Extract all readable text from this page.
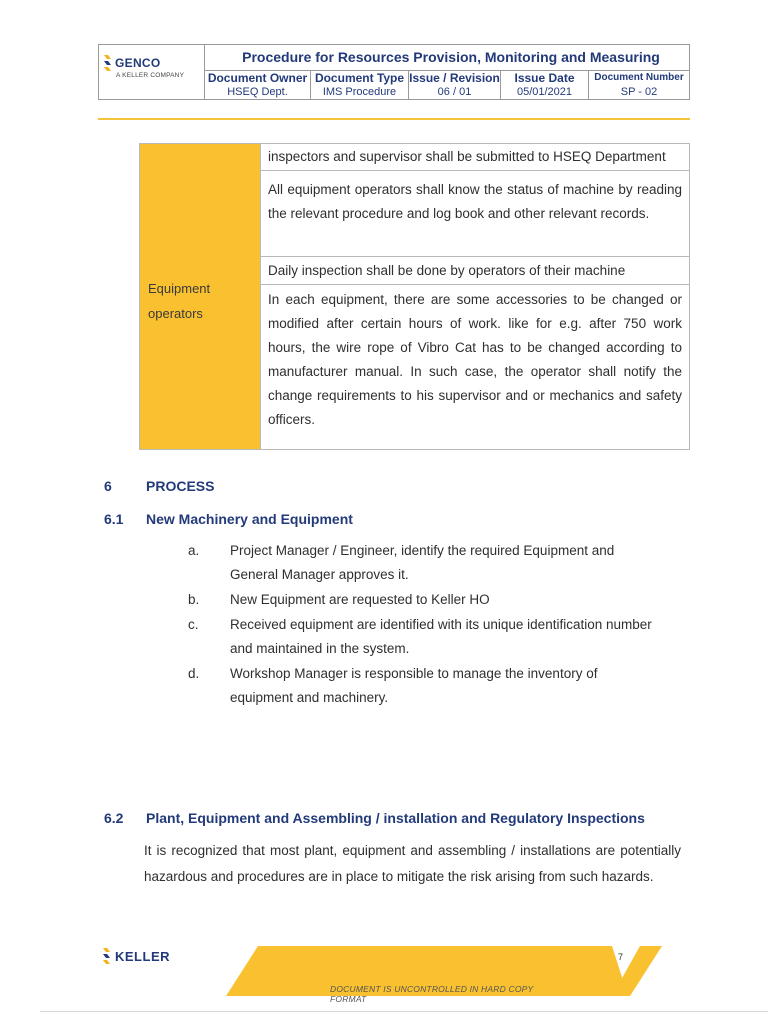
GENCO
A KELLER COMPANY
Procedure for Resources Provision, Monitoring and Measuring
Document Owner
HSEQ Dept.
Document Type
IMS Procedure
Issue / Revision
06 / 01
Issue Date
05/01/2021
Document Number
SP - 02
Equipment
operators

inspectors and supervisor shall be submitted to HSEQ Department

All equipment operators shall know the status of machine by reading the relevant procedure and log book and other relevant records.

Daily inspection shall be done by operators of their machine

In each equipment, there are some accessories to be changed or modified after certain hours of work. like for e.g. after 750 work hours, the wire rope of Vibro Cat has to be changed according to manufacturer manual. In such case, the operator shall notify the change requirements to his supervisor and or mechanics and safety officers.

6 PROCESS
6.1 New Machinery and Equipment
a. Project Manager / Engineer, identify the required Equipment and
General Manager approves it.
b. New Equipment are requested to Keller HO
c. Received equipment are identified with its unique identification number
and maintained in the system.
d. Workshop Manager is responsible to manage the inventory of
equipment and machinery.
6.2 Plant, Equipment and Assembling / installation and Regulatory Inspections

It is recognized that most plant, equipment and assembling / installations are potentially hazardous and procedures are in place to mitigate the risk arising from such hazards.

KELLER	7
DOCUMENT IS UNCONTROLLED IN HARD COPY FORMAT
